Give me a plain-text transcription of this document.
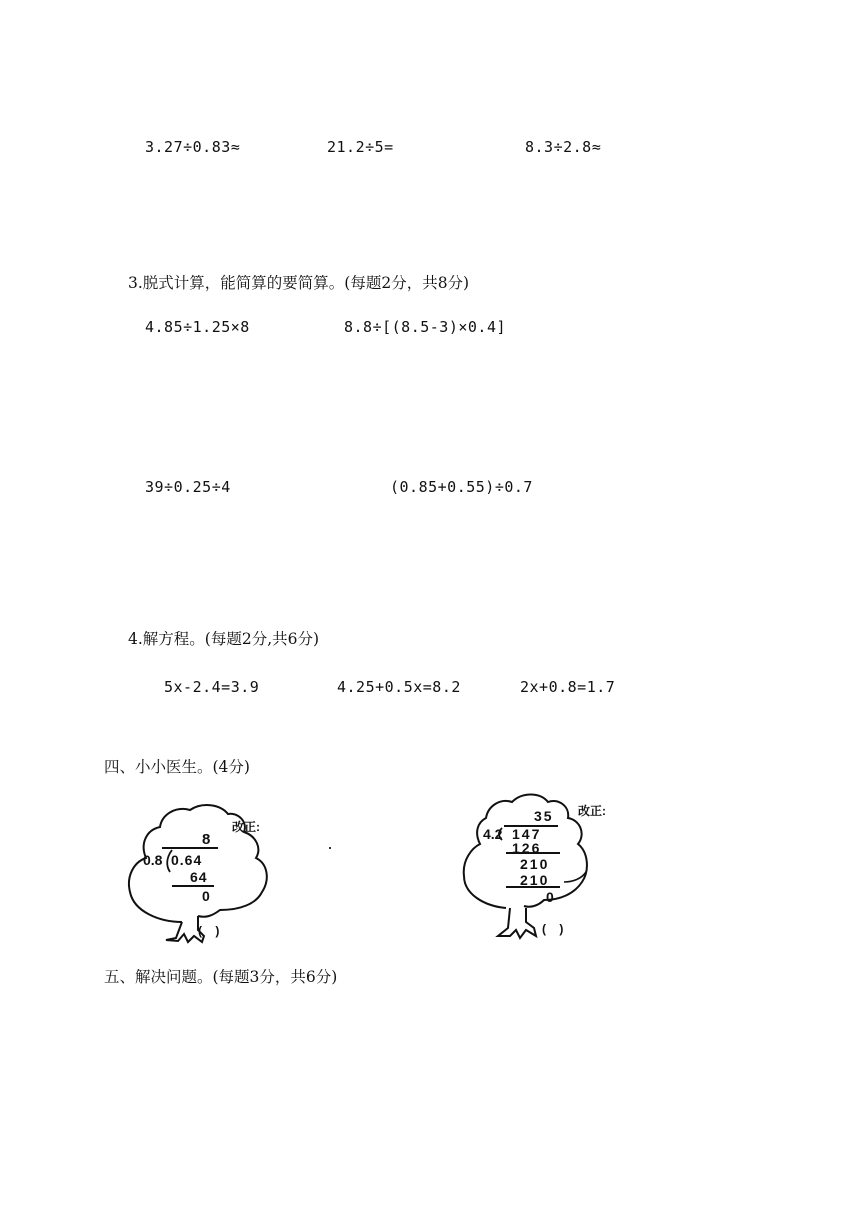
3.27÷0.83≈	21.2÷5=	8.3÷2.8≈
3.脱式计算，能简算的要简算。(每题2分，共8分)
4.85÷1.25×8	8.8÷[(8.5-3)×0.4]
39÷0.25÷4	(0.85+0.55)÷0.7
4.解方程。(每题2分,共6分)
5x-2.4=3.9	4.25+0.5x=8.2	2x+0.8=1.7
四、小小医生。(4分)
改正:
8
0.8 0.64
64
0
(    )
改正:
35
4.2 147
126
210
210
0
(    )
五、解决问题。(每题3分，共6分)
